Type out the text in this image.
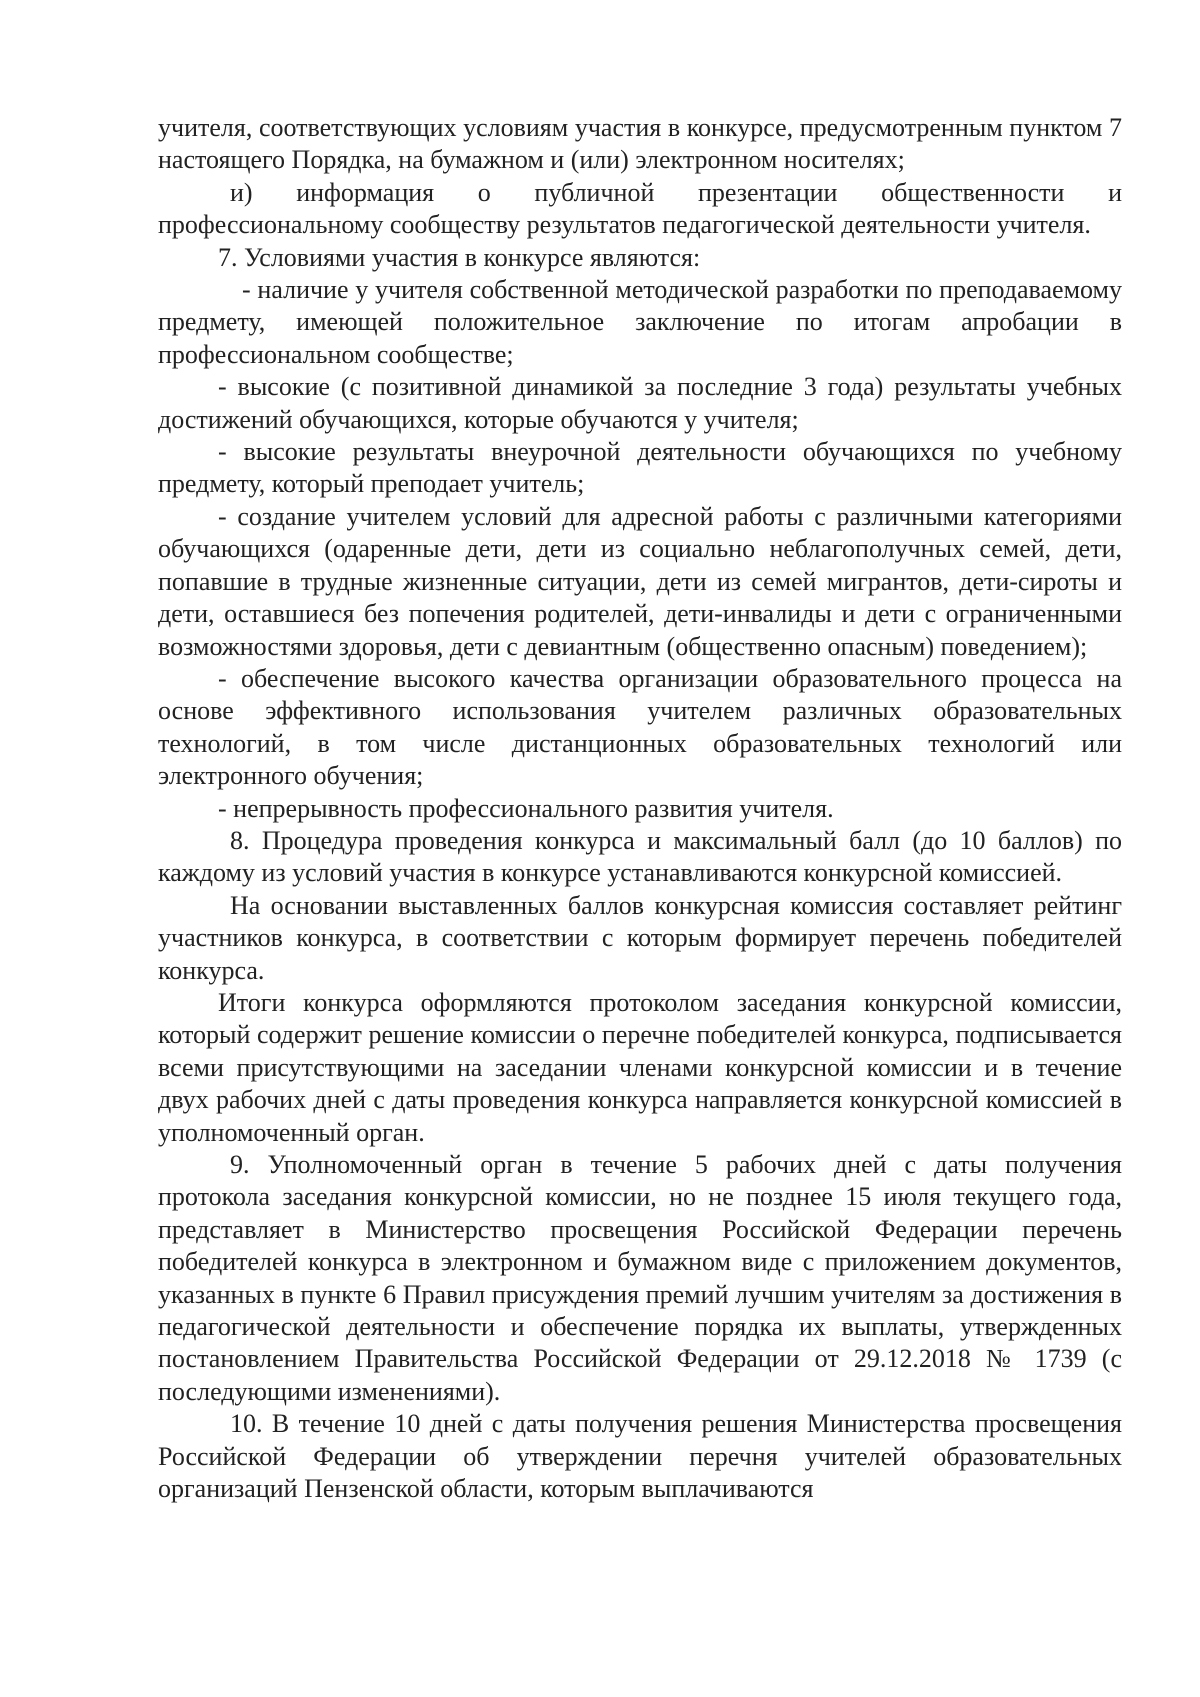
учителя, соответствующих условиям участия в конкурсе, предусмотренным пунктом 7 настоящего Порядка, на бумажном и (или) электронном носителях;

и) информация о публичной презентации общественности и профессиональному сообществу результатов педагогической деятельности учителя.

7. Условиями участия в конкурсе являются:

- наличие у учителя собственной методической разработки по преподаваемому предмету, имеющей положительное заключение по итогам апробации в профессиональном сообществе;

- высокие (с позитивной динамикой за последние 3 года) результаты учебных достижений обучающихся, которые обучаются у учителя;

- высокие результаты внеурочной деятельности обучающихся по учебному предмету, который преподает учитель;

- создание учителем условий для адресной работы с различными категориями обучающихся (одаренные дети, дети из социально неблагополучных семей, дети, попавшие в трудные жизненные ситуации, дети из семей мигрантов, дети-сироты и дети, оставшиеся без попечения родителей, дети-инвалиды и дети с ограниченными возможностями здоровья, дети с девиантным (общественно опасным) поведением);

- обеспечение высокого качества организации образовательного процесса на основе эффективного использования учителем различных образовательных технологий, в том числе дистанционных образовательных технологий или электронного обучения;

- непрерывность профессионального развития учителя.

8. Процедура проведения конкурса и максимальный балл (до 10 баллов) по каждому из условий участия в конкурсе устанавливаются конкурсной комиссией.

На основании выставленных баллов конкурсная комиссия составляет рейтинг участников конкурса, в соответствии с которым формирует перечень победителей конкурса.

Итоги конкурса оформляются протоколом заседания конкурсной комиссии, который содержит решение комиссии о перечне победителей конкурса, подписывается всеми присутствующими на заседании членами конкурсной комиссии и в течение двух рабочих дней с даты проведения конкурса направляется конкурсной комиссией в уполномоченный орган.

9. Уполномоченный орган в течение 5 рабочих дней с даты получения протокола заседания конкурсной комиссии, но не позднее 15 июля текущего года, представляет в Министерство просвещения Российской Федерации перечень победителей конкурса в электронном и бумажном виде с приложением документов, указанных в пункте 6 Правил присуждения премий лучшим учителям за достижения в педагогической деятельности и обеспечение порядка их выплаты, утвержденных постановлением Правительства Российской Федерации от 29.12.2018 № 1739 (с последующими изменениями).

10. В течение 10 дней с даты получения решения Министерства просвещения Российской Федерации об утверждении перечня учителей образовательных организаций Пензенской области, которым выплачиваются
